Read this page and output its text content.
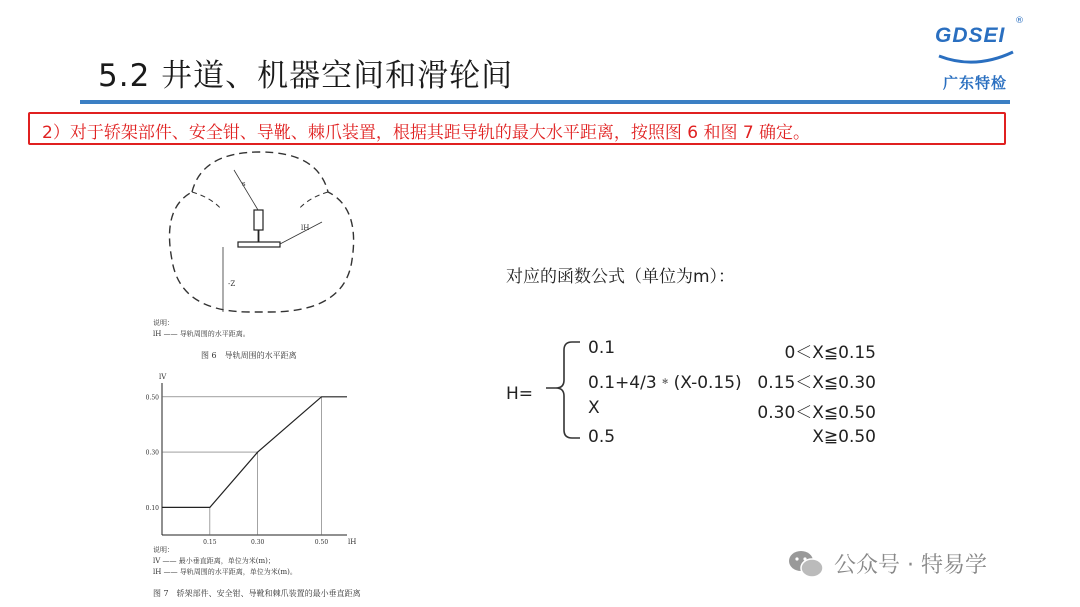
5.2 井道、机器空间和滑轮间
GDSEI
®
广东特检
2）对于轿架部件、安全钳、导靴、棘爪装置，根据其距导轨的最大水平距离，按照图 6 和图 7 确定。
s
lH
-Z
说明：
lH —— 导轨周围的水平距离。
图 6　导轨周围的水平距离
0.10
0.30
0.50
0.15	0.30	0.50
lV
lH
说明：
lV —— 最小垂直距离，单位为米(m)；
lH —— 导轨周围的水平距离，单位为米(m)。
图 7　轿架部件、安全钳、导靴和棘爪装置的最小垂直距离
对应的函数公式（单位为m）：
H=
0.1	0＜X≦0.15
0.1+4/3﹡(X-0.15) 0.15＜X≦0.30
X	0.30＜X≦0.50
0.5	X≧0.50
公众号 · 特易学
